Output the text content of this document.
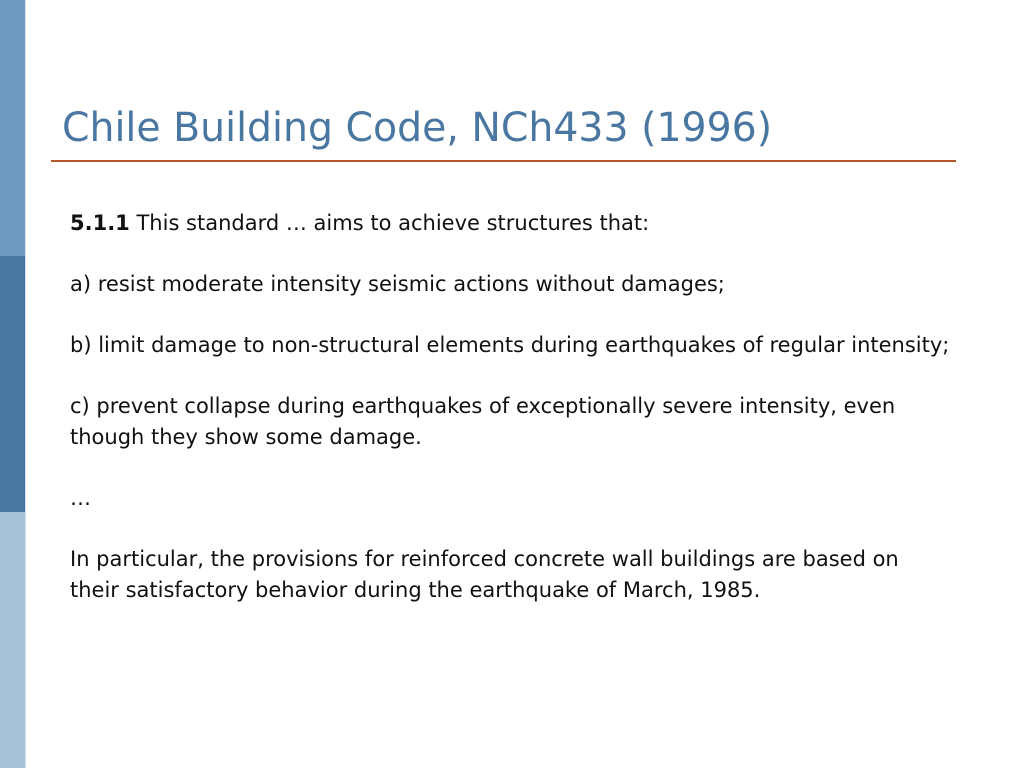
Chile Building Code, NCh433 (1996)

5.1.1 This standard … aims to achieve structures that:

a) resist moderate intensity seismic actions without damages;

b) limit damage to non-structural elements during earthquakes of regular intensity;

c) prevent collapse during earthquakes of exceptionally severe intensity, even though they show some damage.

…

In particular, the provisions for reinforced concrete wall buildings are based on their satisfactory behavior during the earthquake of March, 1985.
